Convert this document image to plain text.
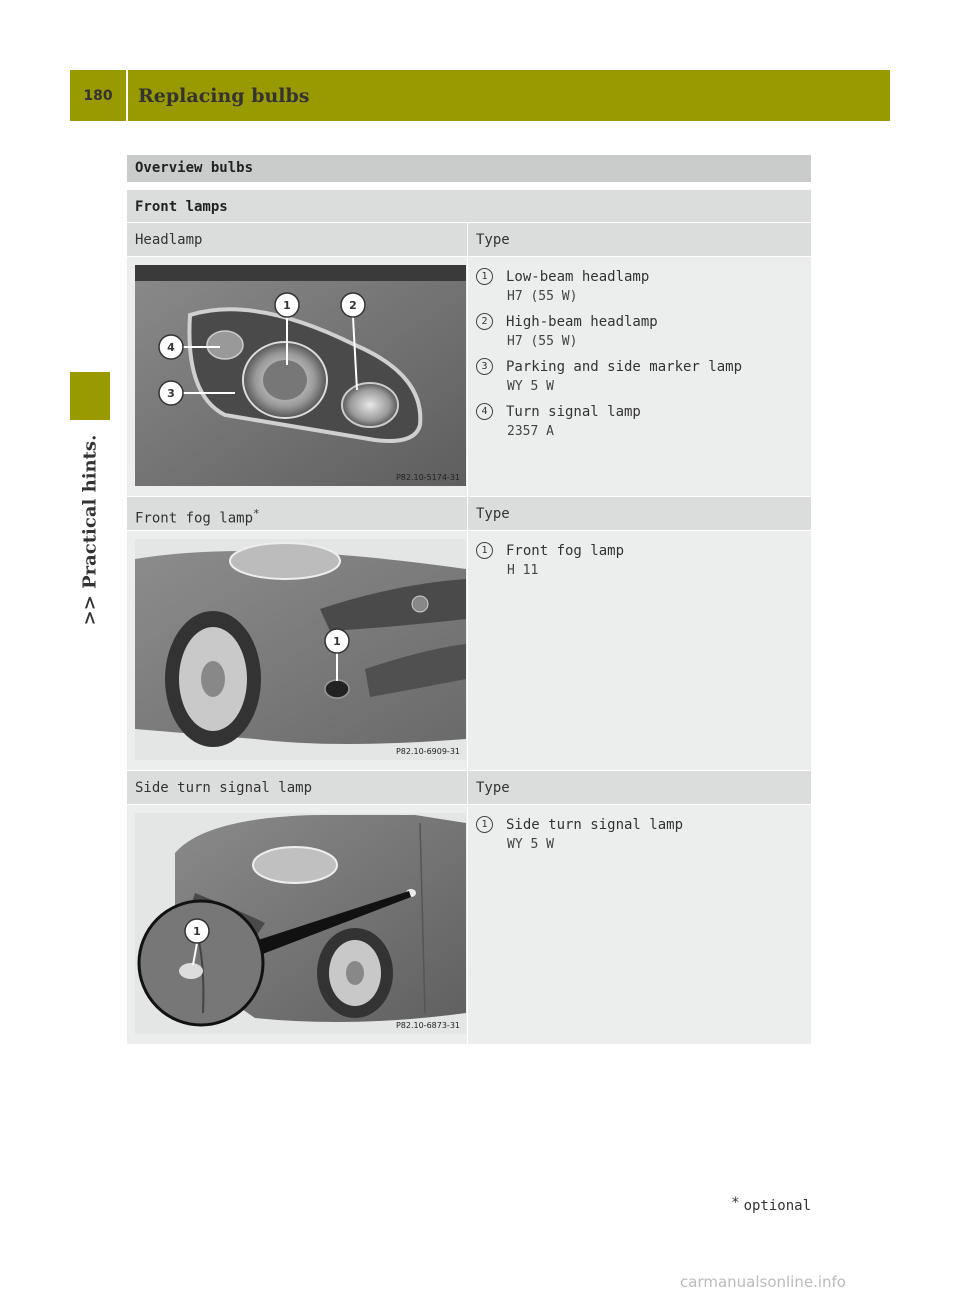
180	Replacing bulbs
>> Practical hints.
Overview bulbs
Front lamps
Headlamp	Type
1	2
4
3
P82.10-5174-31
1	Low-beam headlamp
H7 (55 W)
2	High-beam headlamp
H7 (55 W)
3	Parking and side marker lamp
WY 5 W
4	Turn signal lamp
2357 A
Front fog lamp*	Type
1
P82.10-6909-31
1	Front fog lamp
H 11
Side turn signal lamp	Type
1
P82.10-6873-31
1	Side turn signal lamp
WY 5 W
* optional
carmanualsonline.info
